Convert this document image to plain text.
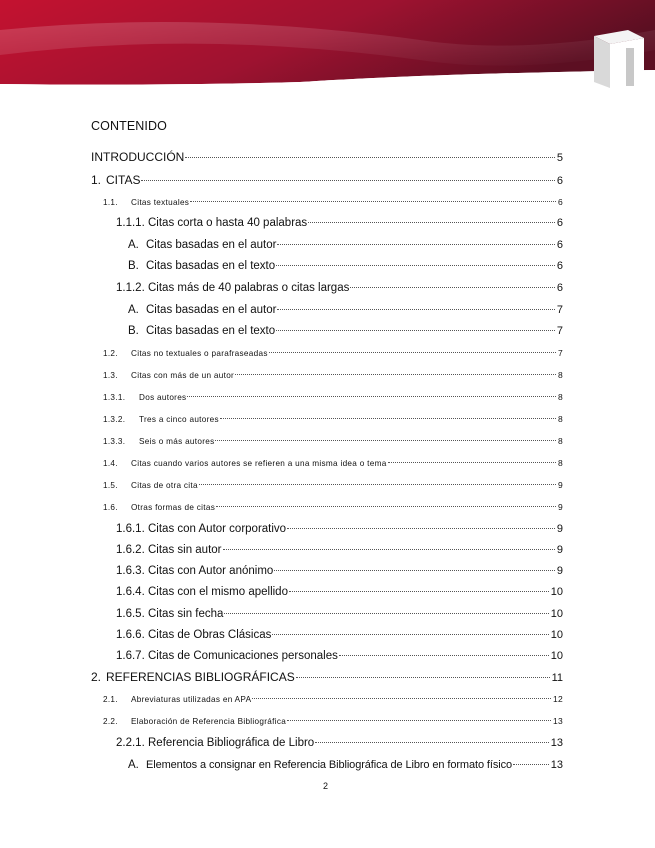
CONTENIDO
INTRODUCCIÓN	5
1. CITAS	6
1.1.	Citas textuales	6
1.1.1. Citas corta o hasta 40 palabras	6
A. Citas basadas en el autor	6
B. Citas basadas en el texto	6
1.1.2. Citas más de 40 palabras o citas largas	6
A. Citas basadas en el autor	7
B. Citas basadas en el texto	7
1.2.	Citas no textuales o parafraseadas	7
1.3.	Citas con más de un autor	8
1.3.1.	Dos autores	8
1.3.2.	Tres a cinco autores	8
1.3.3.	Seis o más autores	8
1.4.	Citas cuando varios autores se refieren a una misma idea o tema	8
1.5.	Citas de otra cita	9
1.6.	Otras formas de citas	9
1.6.1. Citas con Autor corporativo	9
1.6.2. Citas sin autor	9
1.6.3. Citas con Autor anónimo	9
1.6.4. Citas con el mismo apellido	10
1.6.5. Citas sin fecha	10
1.6.6. Citas de Obras Clásicas	10
1.6.7. Citas de Comunicaciones personales	10
2. REFERENCIAS BIBLIOGRÁFICAS	11
2.1.	Abreviaturas utilizadas en APA	12
2.2.	Elaboración de Referencia Bibliográfica	13
2.2.1. Referencia Bibliográfica de Libro	13
A. Elementos a consignar en Referencia Bibliográfica de Libro en formato físico	13
2
